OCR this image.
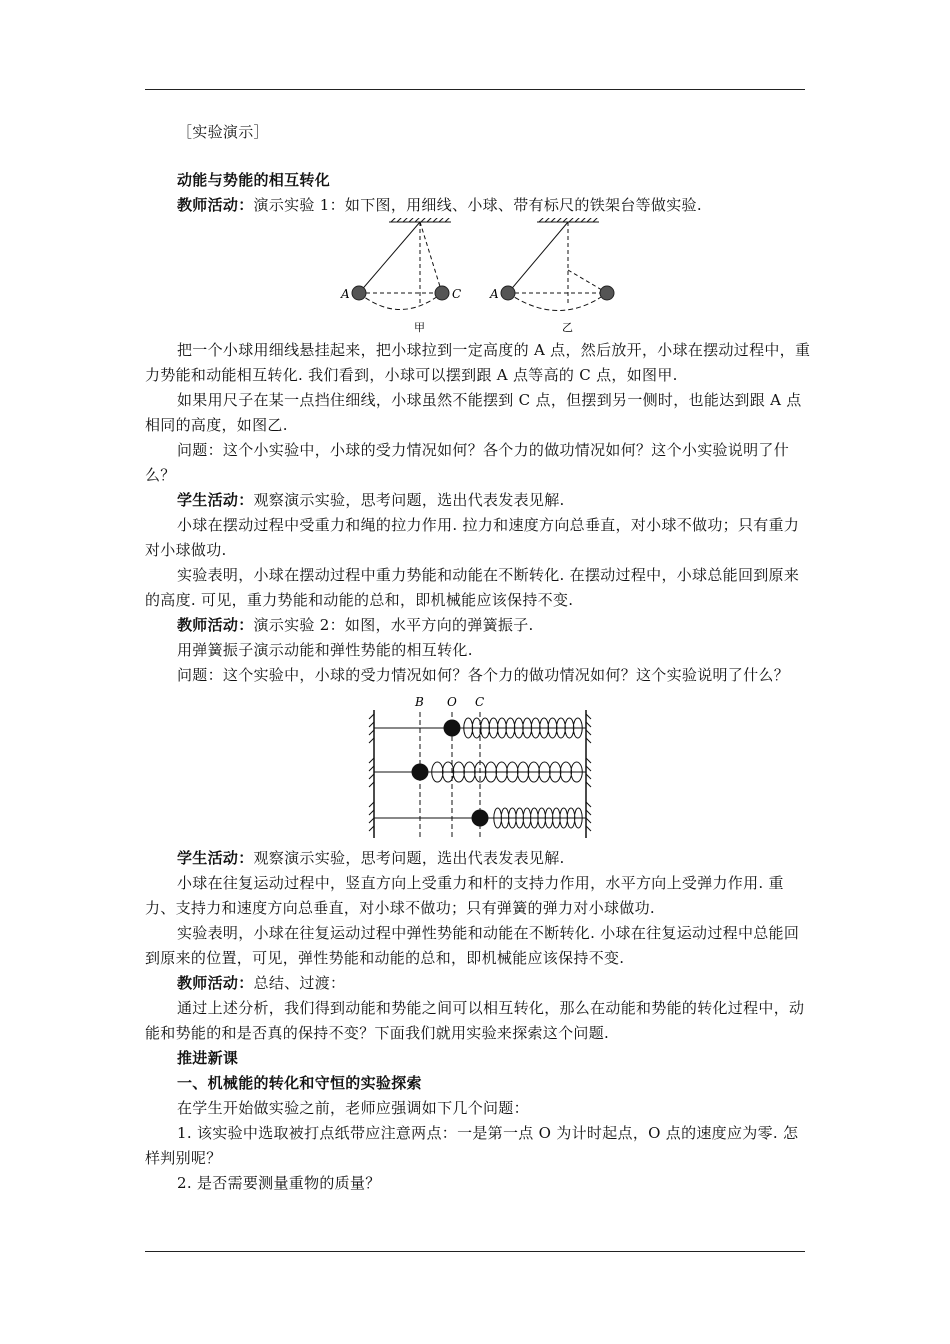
［实验演示］

动能与势能的相互转化

教师活动：演示实验 1：如下图，用细线、小球、带有标尺的铁架台等做实验.

A	C A
甲	乙

把一个小球用细线悬挂起来，把小球拉到一定高度的 A 点，然后放开，小球在摆动过程中，重力势能和动能相互转化. 我们看到，小球可以摆到跟 A 点等高的 C 点，如图甲.

如果用尺子在某一点挡住细线，小球虽然不能摆到 C 点，但摆到另一侧时，也能达到跟 A 点相同的高度，如图乙.

问题：这个小实验中，小球的受力情况如何？各个力的做功情况如何？这个小实验说明了什么？

学生活动：观察演示实验，思考问题，选出代表发表见解.

小球在摆动过程中受重力和绳的拉力作用. 拉力和速度方向总垂直，对小球不做功；只有重力对小球做功.

实验表明，小球在摆动过程中重力势能和动能在不断转化. 在摆动过程中，小球总能回到原来的高度. 可见，重力势能和动能的总和，即机械能应该保持不变.

教师活动：演示实验 2：如图，水平方向的弹簧振子.

用弹簧振子演示动能和弹性势能的相互转化.

问题：这个实验中，小球的受力情况如何？各个力的做功情况如何？这个实验说明了什么？

B O C

学生活动：观察演示实验，思考问题，选出代表发表见解.

小球在往复运动过程中，竖直方向上受重力和杆的支持力作用，水平方向上受弹力作用. 重力、支持力和速度方向总垂直，对小球不做功；只有弹簧的弹力对小球做功.

实验表明，小球在往复运动过程中弹性势能和动能在不断转化. 小球在往复运动过程中总能回到原来的位置，可见，弹性势能和动能的总和，即机械能应该保持不变.

教师活动：总结、过渡：

通过上述分析，我们得到动能和势能之间可以相互转化，那么在动能和势能的转化过程中，动能和势能的和是否真的保持不变？下面我们就用实验来探索这个问题.

推进新课

一、机械能的转化和守恒的实验探索

在学生开始做实验之前，老师应强调如下几个问题：

1. 该实验中选取被打点纸带应注意两点：一是第一点 O 为计时起点，O 点的速度应为零. 怎样判别呢？

2. 是否需要测量重物的质量？
